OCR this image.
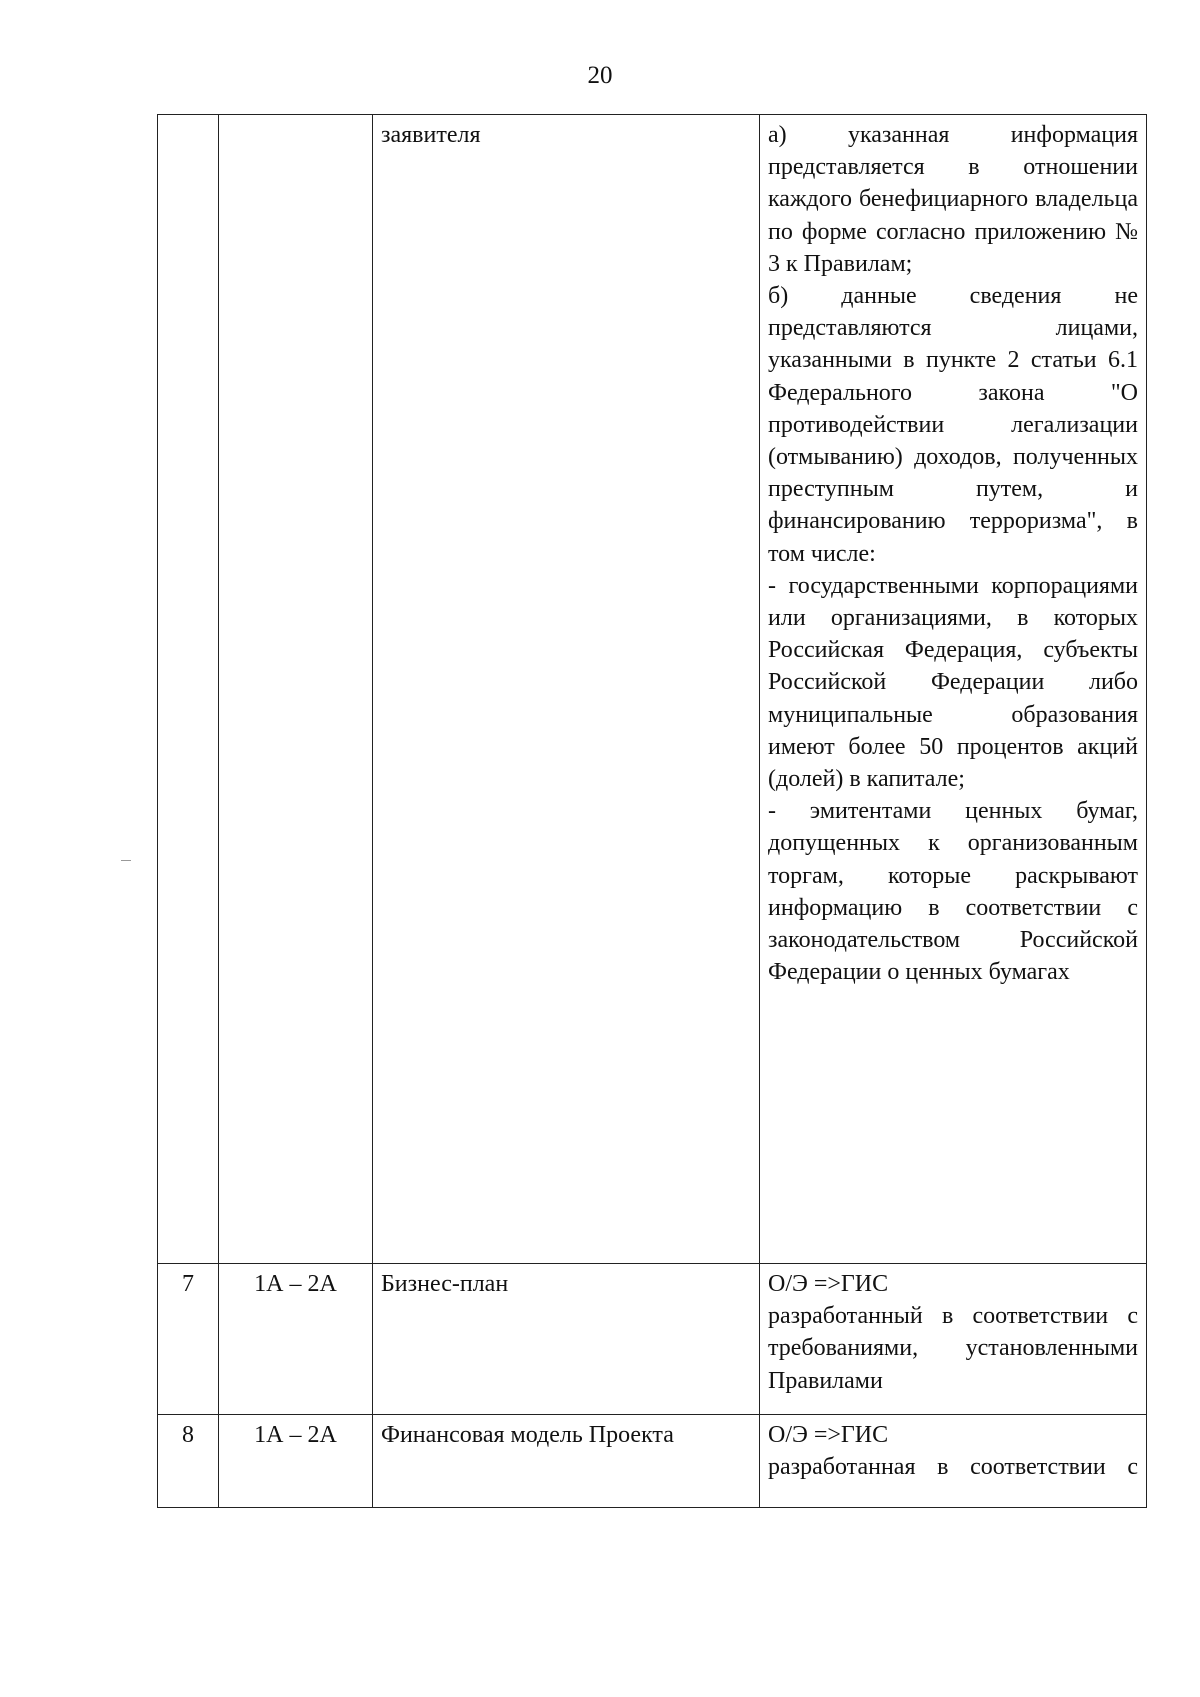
20
		заявителя	а) указанная информация представляется в отношении каждого бенефициарного владельца по форме согласно приложению № 3 к Правилам;

б) данные сведения не представляются лицами, указанными в пункте 2 статьи 6.1 Федерального закона "О противодействии легализации (отмыванию) доходов, полученных преступным путем, и финансированию терроризма", в том числе:

- государственными корпорациями или организациями, в которых Российская Федерация, субъекты Российской Федерации либо муниципальные образования имеют более 50 процентов акций (долей) в капитале;

- эмитентами ценных бумаг, допущенных к организованным торгам, которые раскрывают информацию в соответствии с законодательством Российской Федерации о ценных бумагах

7	1А – 2А	Бизнес-план	О/Э =>ГИС

разработанный в соответствии с требованиями, установленными Правилами

8	1А – 2А	Финансовая модель Проекта	О/Э =>ГИС

разработанная в соответствии с
